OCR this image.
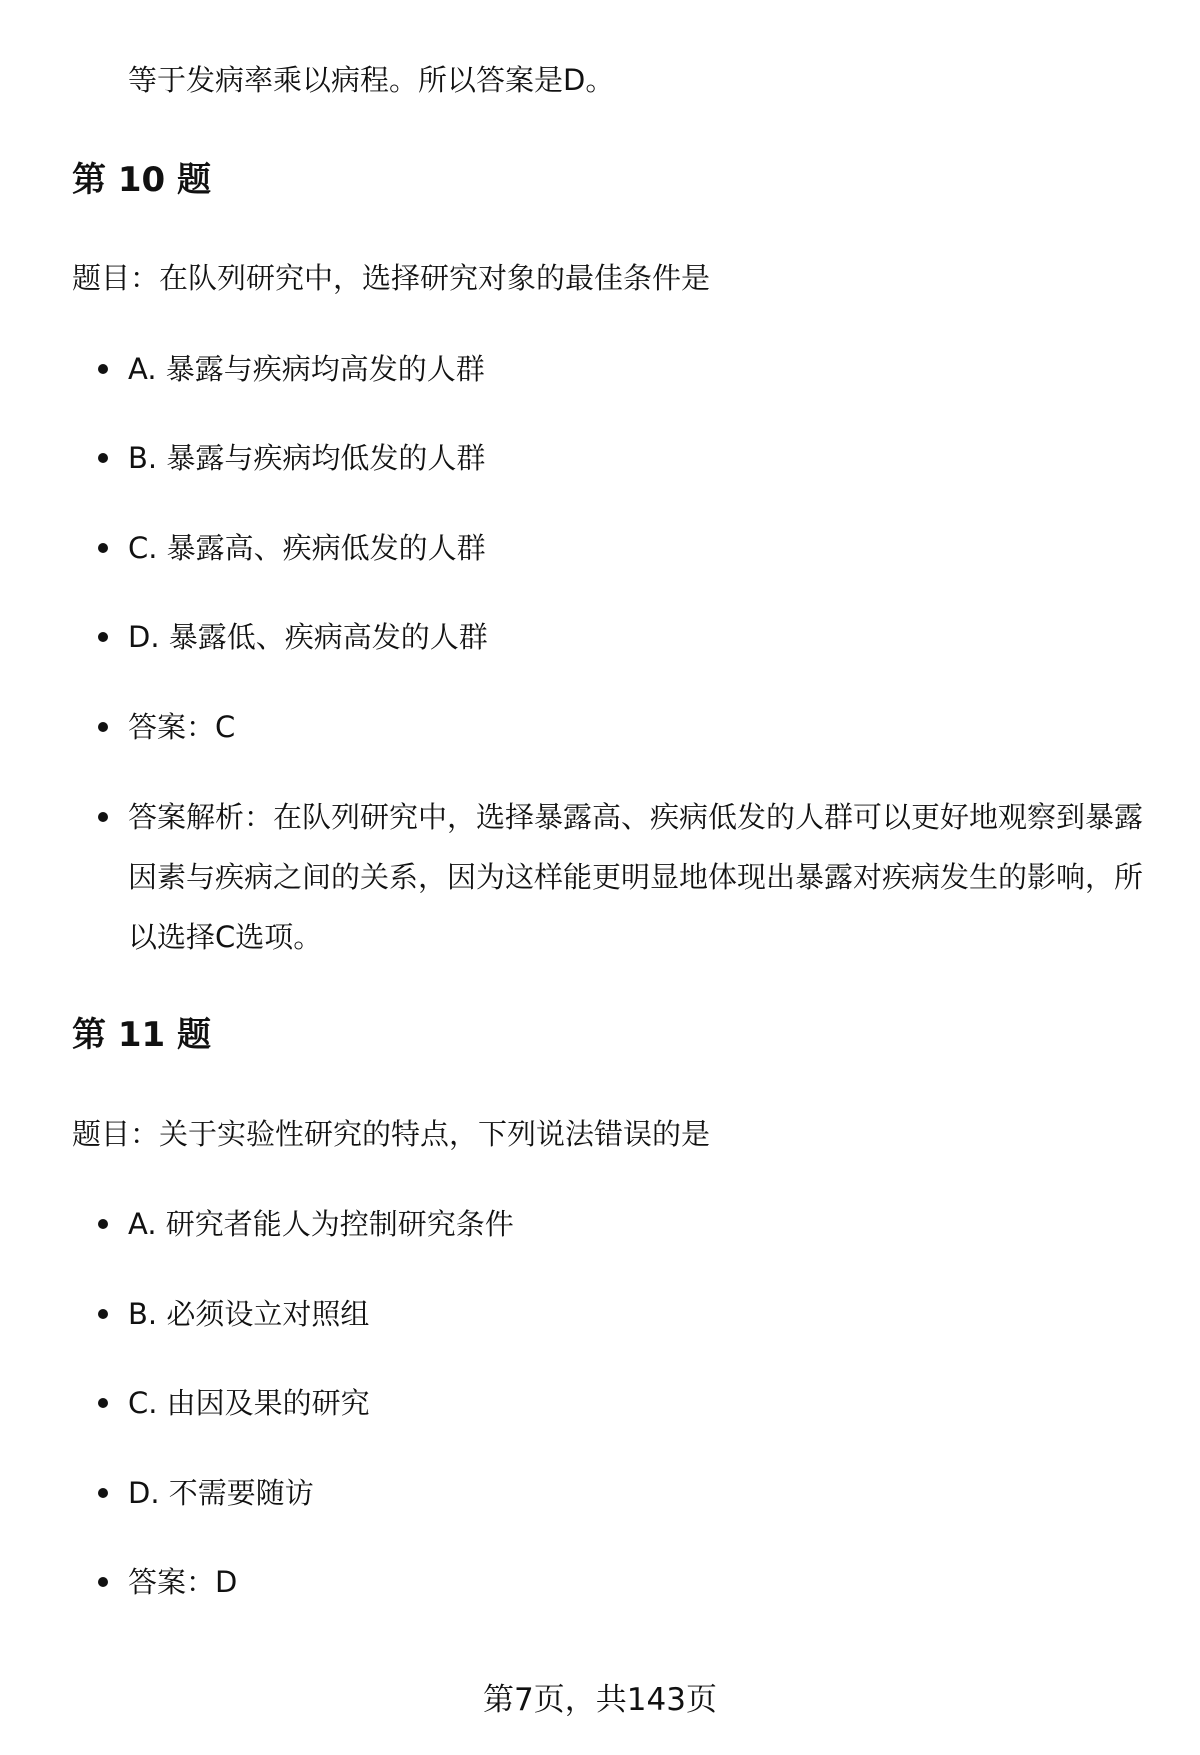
等于发病率乘以病程。所以答案是D。
第 10 题
题目：在队列研究中，选择研究对象的最佳条件是
A. 暴露与疾病均高发的人群
B. 暴露与疾病均低发的人群
C. 暴露高、疾病低发的人群
D. 暴露低、疾病高发的人群
答案：C
答案解析：在队列研究中，选择暴露高、疾病低发的人群可以更好地观察到暴露因素与疾病之间的关系，因为这样能更明显地体现出暴露对疾病发生的影响，所以选择C选项。
第 11 题
题目：关于实验性研究的特点，下列说法错误的是
A. 研究者能人为控制研究条件
B. 必须设立对照组
C. 由因及果的研究
D. 不需要随访
答案：D
第7页，共143页
